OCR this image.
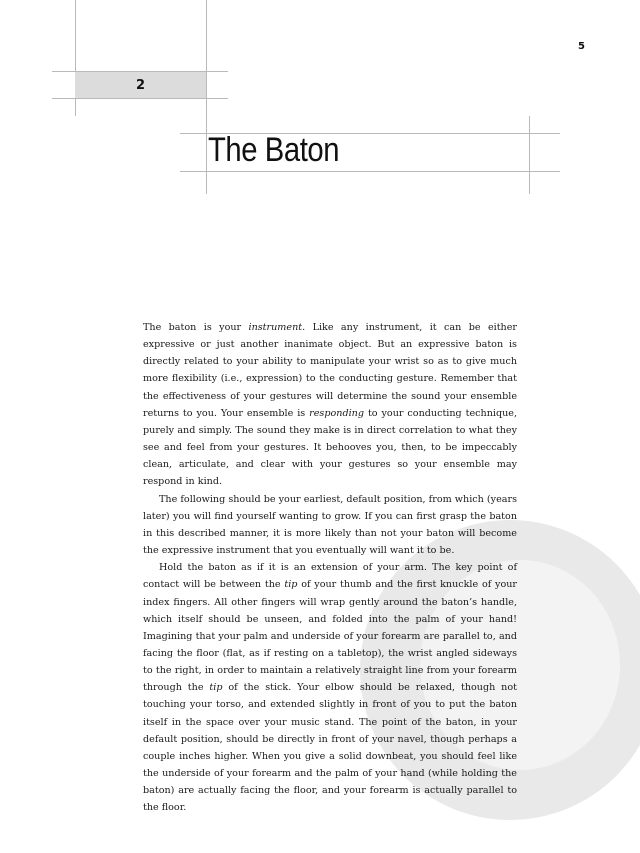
5
2
The Baton

The baton is your instrument. Like any instrument, it can be either expressive or just another inanimate object. But an expressive baton is directly related to your ability to manipulate your wrist so as to give much more flexibility (i.e., expression) to the conducting gesture. Remember that the effectiveness of your gestures will determine the sound your ensemble returns to you. Your ensemble is responding to your conducting technique, purely and simply. The sound they make is in direct correlation to what they see and feel from your gestures. It behooves you, then, to be impeccably clean, articulate, and clear with your gestures so your ensemble may respond in kind.

The following should be your earliest, default position, from which (years later) you will find yourself wanting to grow. If you can first grasp the baton in this described manner, it is more likely than not your baton will become the expressive instrument that you eventually will want it to be.

Hold the baton as if it is an extension of your arm. The key point of contact will be between the tip of your thumb and the first knuckle of your index fingers. All other fingers will wrap gently around the baton’s handle, which itself should be unseen, and folded into the palm of your hand! Imagining that your palm and underside of your forearm are parallel to, and facing the floor (flat, as if resting on a tabletop), the wrist angled sideways to the right, in order to maintain a relatively straight line from your forearm through the tip of the stick. Your elbow should be relaxed, though not touching your torso, and extended slightly in front of you to put the baton itself in the space over your music stand. The point of the baton, in your default position, should be directly in front of your navel, though perhaps a couple inches higher. When you give a solid downbeat, you should feel like the underside of your forearm and the palm of your hand (while holding the baton) are actually facing the floor, and your forearm is actually parallel to the floor.
